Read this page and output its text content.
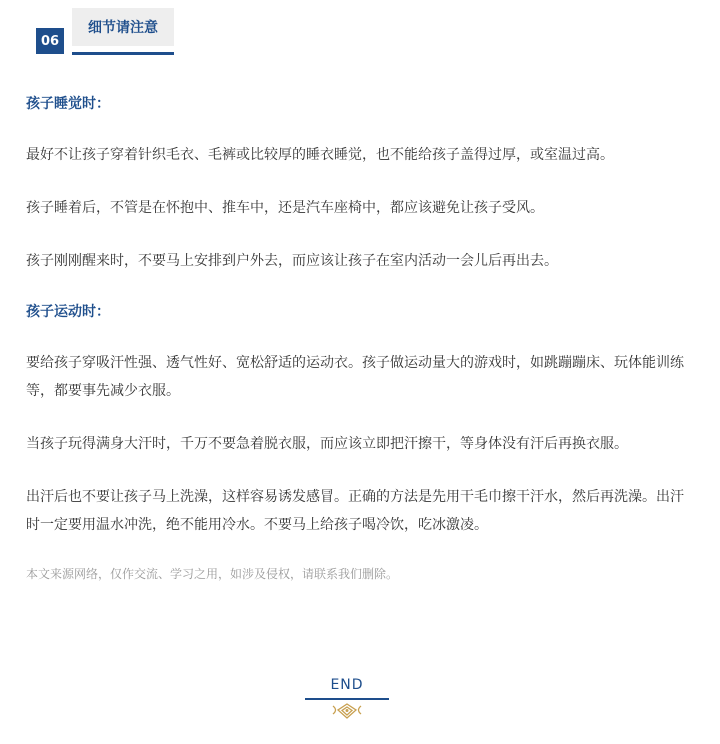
06
细节请注意

孩子睡觉时：

最好不让孩子穿着针织毛衣、毛裤或比较厚的睡衣睡觉，也不能给孩子盖得过厚，或室温过高。

孩子睡着后，不管是在怀抱中、推车中，还是汽车座椅中，都应该避免让孩子受风。

孩子刚刚醒来时，不要马上安排到户外去，而应该让孩子在室内活动一会儿后再出去。

孩子运动时：

要给孩子穿吸汗性强、透气性好、宽松舒适的运动衣。孩子做运动量大的游戏时，如跳蹦蹦床、玩体能训练等，都要事先减少衣服。

当孩子玩得满身大汗时，千万不要急着脱衣服，而应该立即把汗擦干，等身体没有汗后再换衣服。

出汗后也不要让孩子马上洗澡，这样容易诱发感冒。正确的方法是先用干毛巾擦干汗水，然后再洗澡。出汗时一定要用温水冲洗，绝不能用冷水。不要马上给孩子喝冷饮，吃冰激凌。

本文来源网络，仅作交流、学习之用，如涉及侵权，请联系我们删除。

END
